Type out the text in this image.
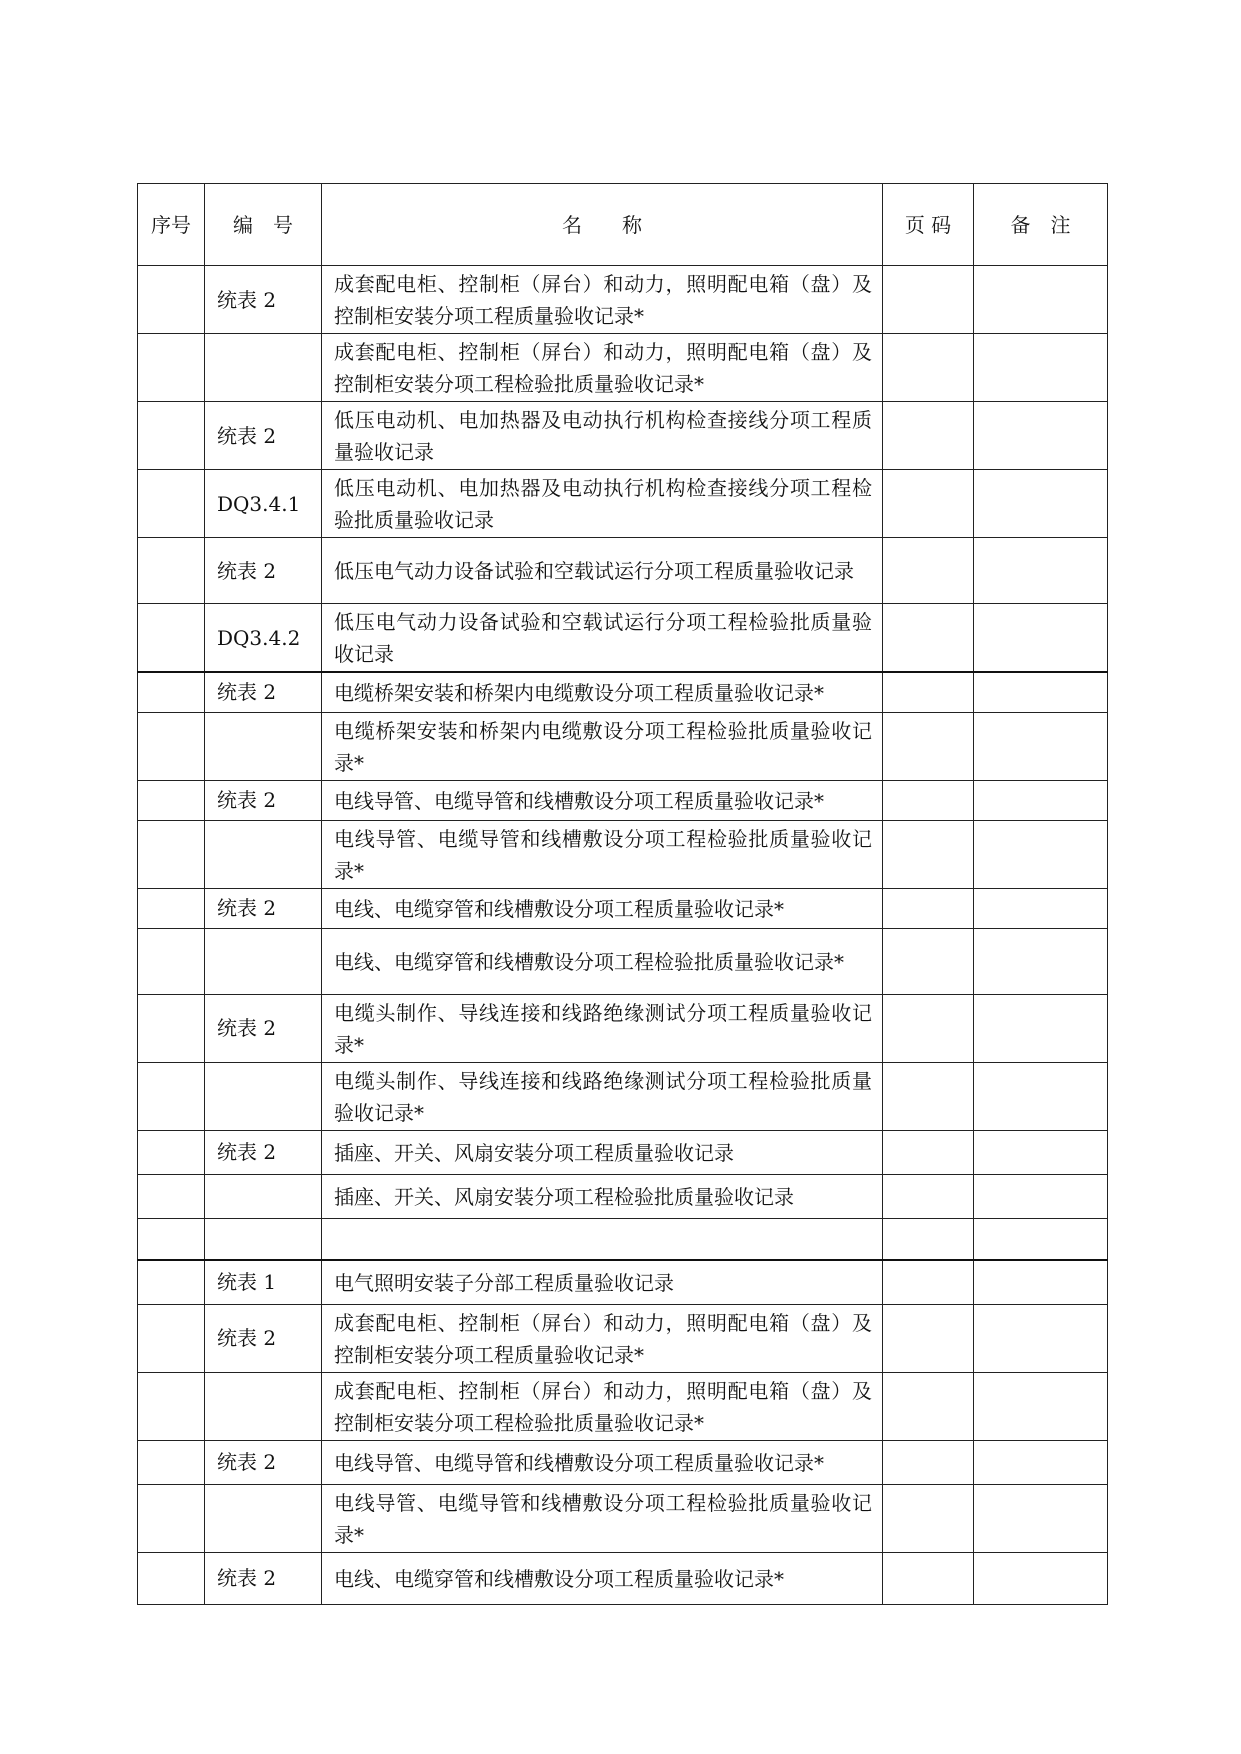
序号	编　号	名　　称	页 码	备　注
	统表 2	成套配电柜、控制柜（屏台）和动力，照明配电箱（盘）及控制柜安装分项工程质量验收记录*		
		成套配电柜、控制柜（屏台）和动力，照明配电箱（盘）及控制柜安装分项工程检验批质量验收记录*		
	统表 2	低压电动机、电加热器及电动执行机构检查接线分项工程质量验收记录		
	DQ3.4.1	低压电动机、电加热器及电动执行机构检查接线分项工程检验批质量验收记录		
	统表 2	低压电气动力设备试验和空载试运行分项工程质量验收记录		
	DQ3.4.2	低压电气动力设备试验和空载试运行分项工程检验批质量验收记录		
	统表 2	电缆桥架安装和桥架内电缆敷设分项工程质量验收记录*		
		电缆桥架安装和桥架内电缆敷设分项工程检验批质量验收记录*		
	统表 2	电线导管、电缆导管和线槽敷设分项工程质量验收记录*		
		电线导管、电缆导管和线槽敷设分项工程检验批质量验收记录*		
	统表 2	电线、电缆穿管和线槽敷设分项工程质量验收记录*		
		电线、电缆穿管和线槽敷设分项工程检验批质量验收记录*		
	统表 2	电缆头制作、导线连接和线路绝缘测试分项工程质量验收记录*		
		电缆头制作、导线连接和线路绝缘测试分项工程检验批质量验收记录*		
	统表 2	插座、开关、风扇安装分项工程质量验收记录		
		插座、开关、风扇安装分项工程检验批质量验收记录		

	统表 1	电气照明安装子分部工程质量验收记录		
	统表 2	成套配电柜、控制柜（屏台）和动力，照明配电箱（盘）及控制柜安装分项工程质量验收记录*		
		成套配电柜、控制柜（屏台）和动力，照明配电箱（盘）及控制柜安装分项工程检验批质量验收记录*		
	统表 2	电线导管、电缆导管和线槽敷设分项工程质量验收记录*		
		电线导管、电缆导管和线槽敷设分项工程检验批质量验收记录*		
	统表 2	电线、电缆穿管和线槽敷设分项工程质量验收记录*		
